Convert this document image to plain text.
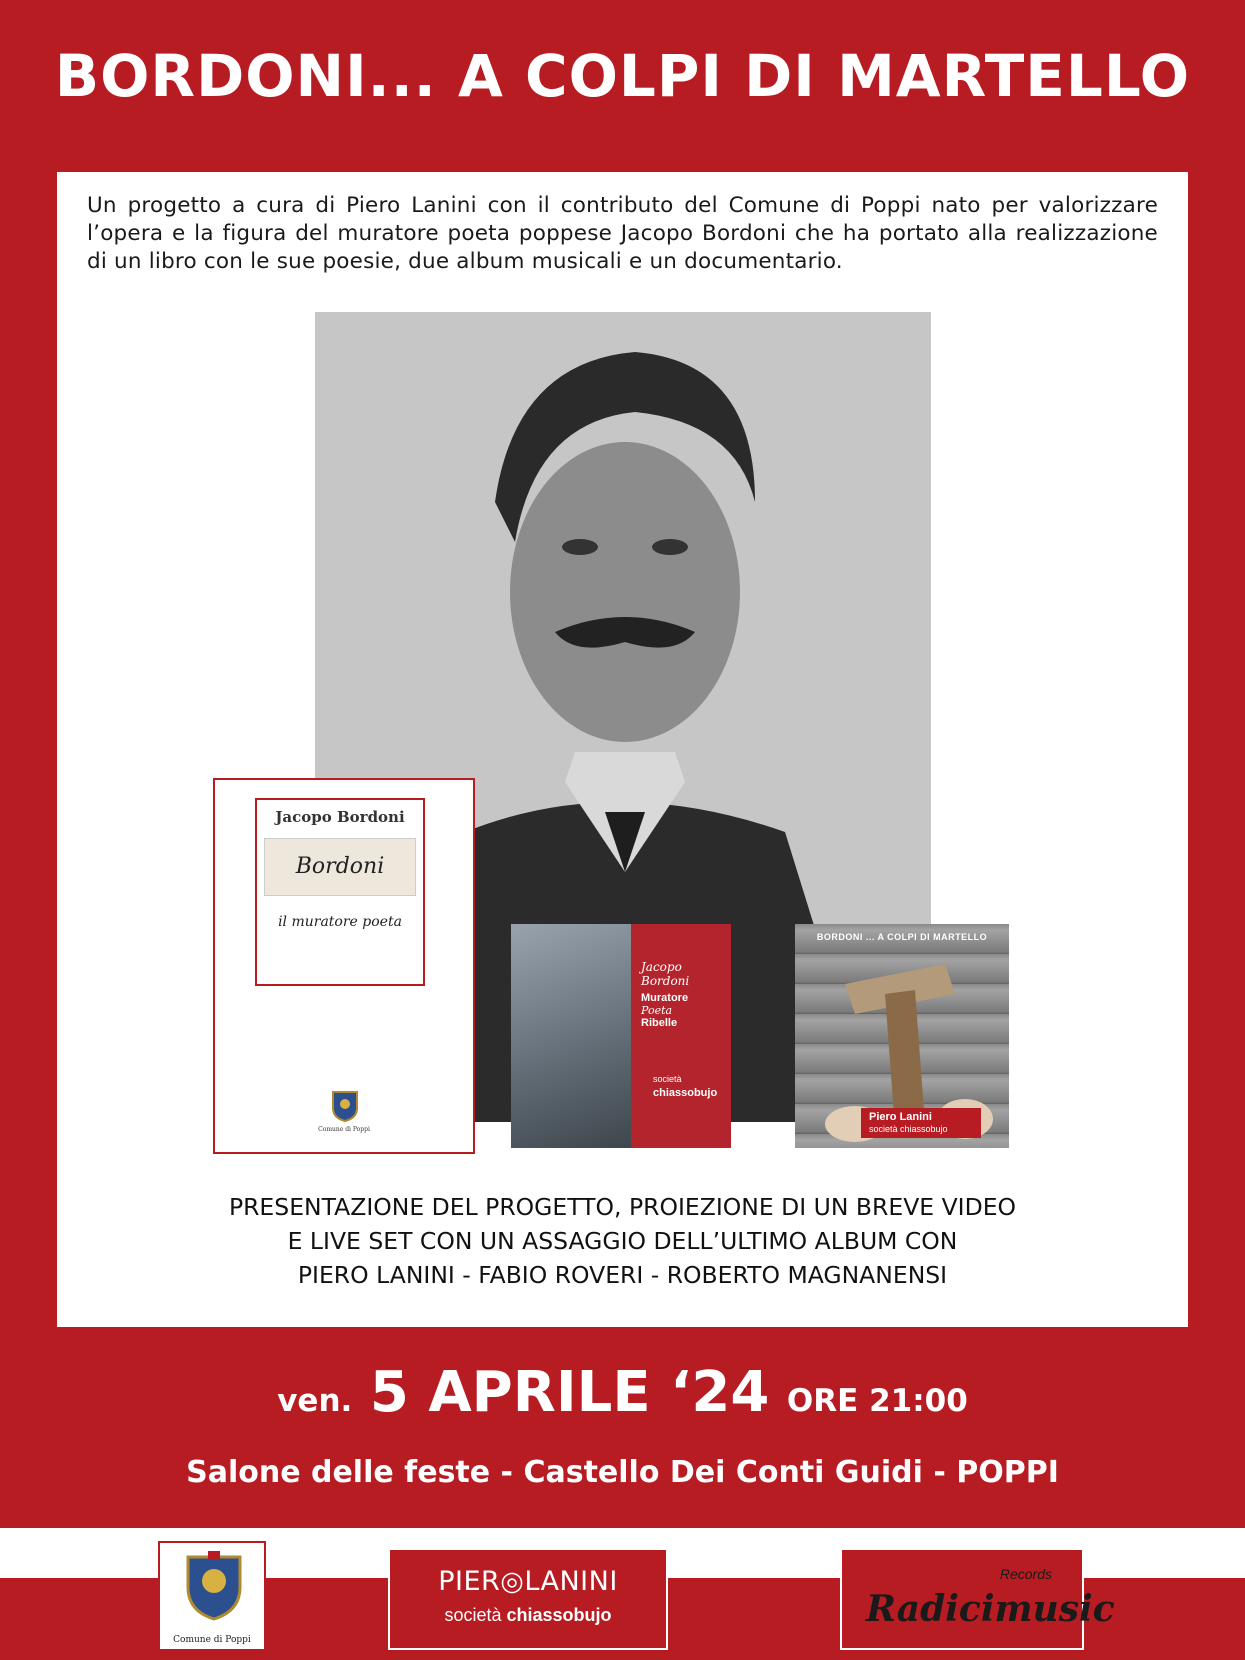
BORDONI... A COLPI DI MARTELLO

Un progetto a cura di Piero Lanini con il contributo del Comune di Poppi nato per valorizzare l’opera e la figura del muratore poeta poppese Jacopo Bordoni che ha portato alla realizzazione di un libro con le sue poesie, due album musicali e un documentario.

Jacopo Bordoni
Bordoni
il muratore poeta
Comune di Poppi
Jacopo Bordoni
Muratore
Poeta
Ribelle
società
chiassobujo
BORDONI ... A COLPI DI MARTELLO
Piero Lanini
società chiassobujo
PRESENTAZIONE DEL PROGETTO, PROIEZIONE DI UN BREVE VIDEO
E LIVE SET CON UN ASSAGGIO DELL’ULTIMO ALBUM CON
PIERO LANINI - FABIO ROVERI - ROBERTO MAGNANENSI
ven. 5 APRILE ‘24 ORE 21:00
Salone delle feste - Castello Dei Conti Guidi - POPPI
Comune di Poppi
PIER◎LANINI
società chiassobujo
Records
Radicimusic
